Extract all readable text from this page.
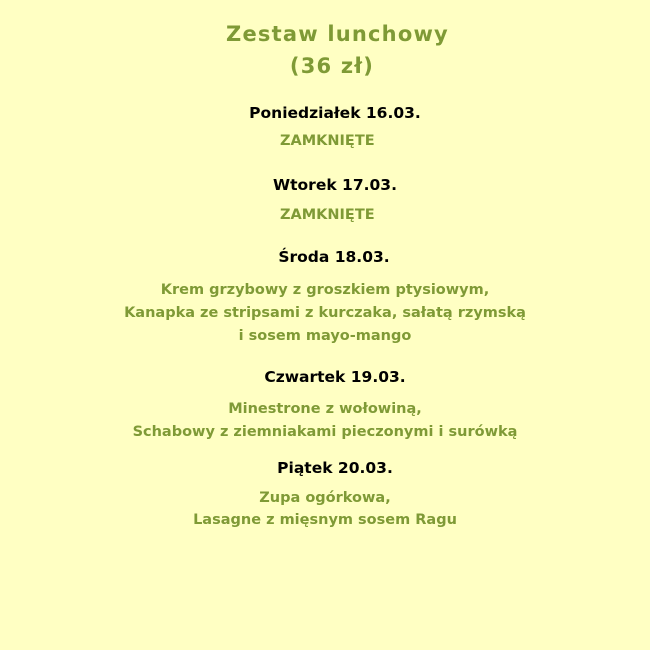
Zestaw lunchowy
(36 zł)
Poniedziałek 16.03.
ZAMKNIĘTE
Wtorek 17.03.
ZAMKNIĘTE
Środa 18.03.
Krem grzybowy z groszkiem ptysiowym,
Kanapka ze stripsami z kurczaka, sałatą rzymską
i sosem mayo-mango
Czwartek 19.03.
Minestrone z wołowiną,
Schabowy z ziemniakami pieczonymi i surówką
Piątek 20.03.
Zupa ogórkowa,
Lasagne z mięsnym sosem Ragu
